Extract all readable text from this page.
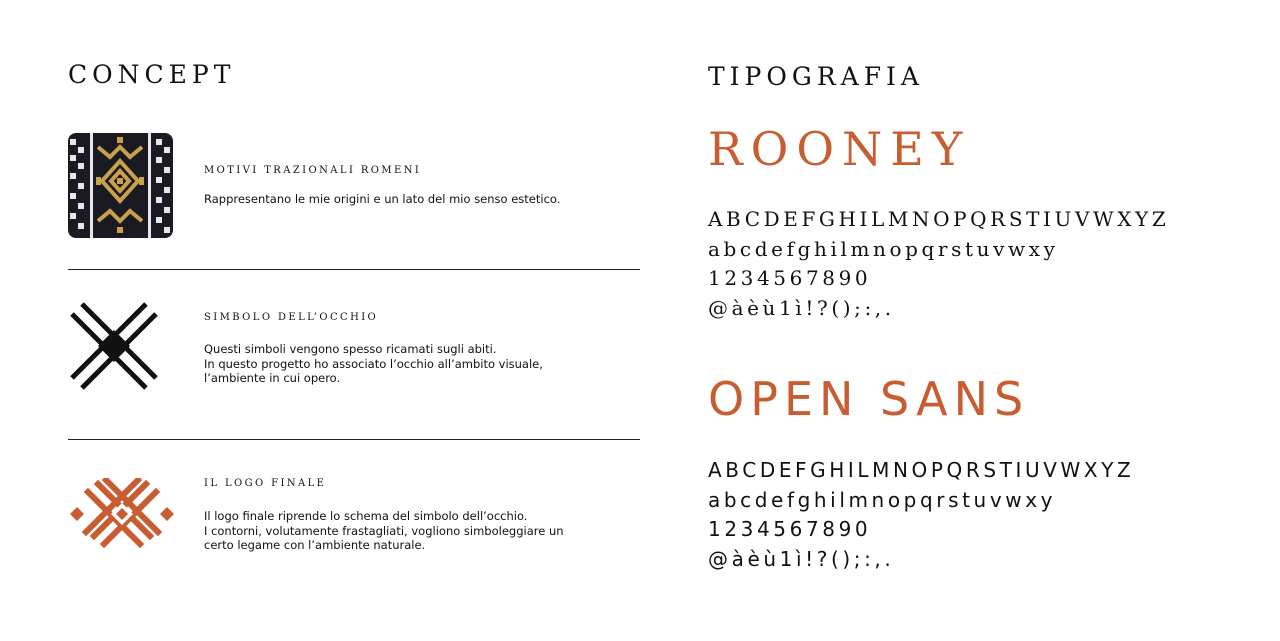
CONCEPT
MOTIVI TRAZIONALI ROMENI
Rappresentano le mie origini e un lato del mio senso estetico.
SIMBOLO DELL’OCCHIO
Questi simboli vengono spesso ricamati sugli abiti.
In questo progetto ho associato l’occhio all’ambito visuale,
l’ambiente in cui opero.
IL LOGO FINALE
Il logo finale riprende lo schema del simbolo dell’occhio.
I contorni, volutamente frastagliati, vogliono simboleggiare un
certo legame con l’ambiente naturale.
TIPOGRAFIA
ROONEY
ABCDEFGHILMNOPQRSTIUVWXYZ
abcdefghilmnopqrstuvwxy
1234567890
@àèù1ì!?();:,.
OPEN SANS
ABCDEFGHILMNOPQRSTIUVWXYZ
abcdefghilmnopqrstuvwxy
1234567890
@àèù1ì!?();:,.
